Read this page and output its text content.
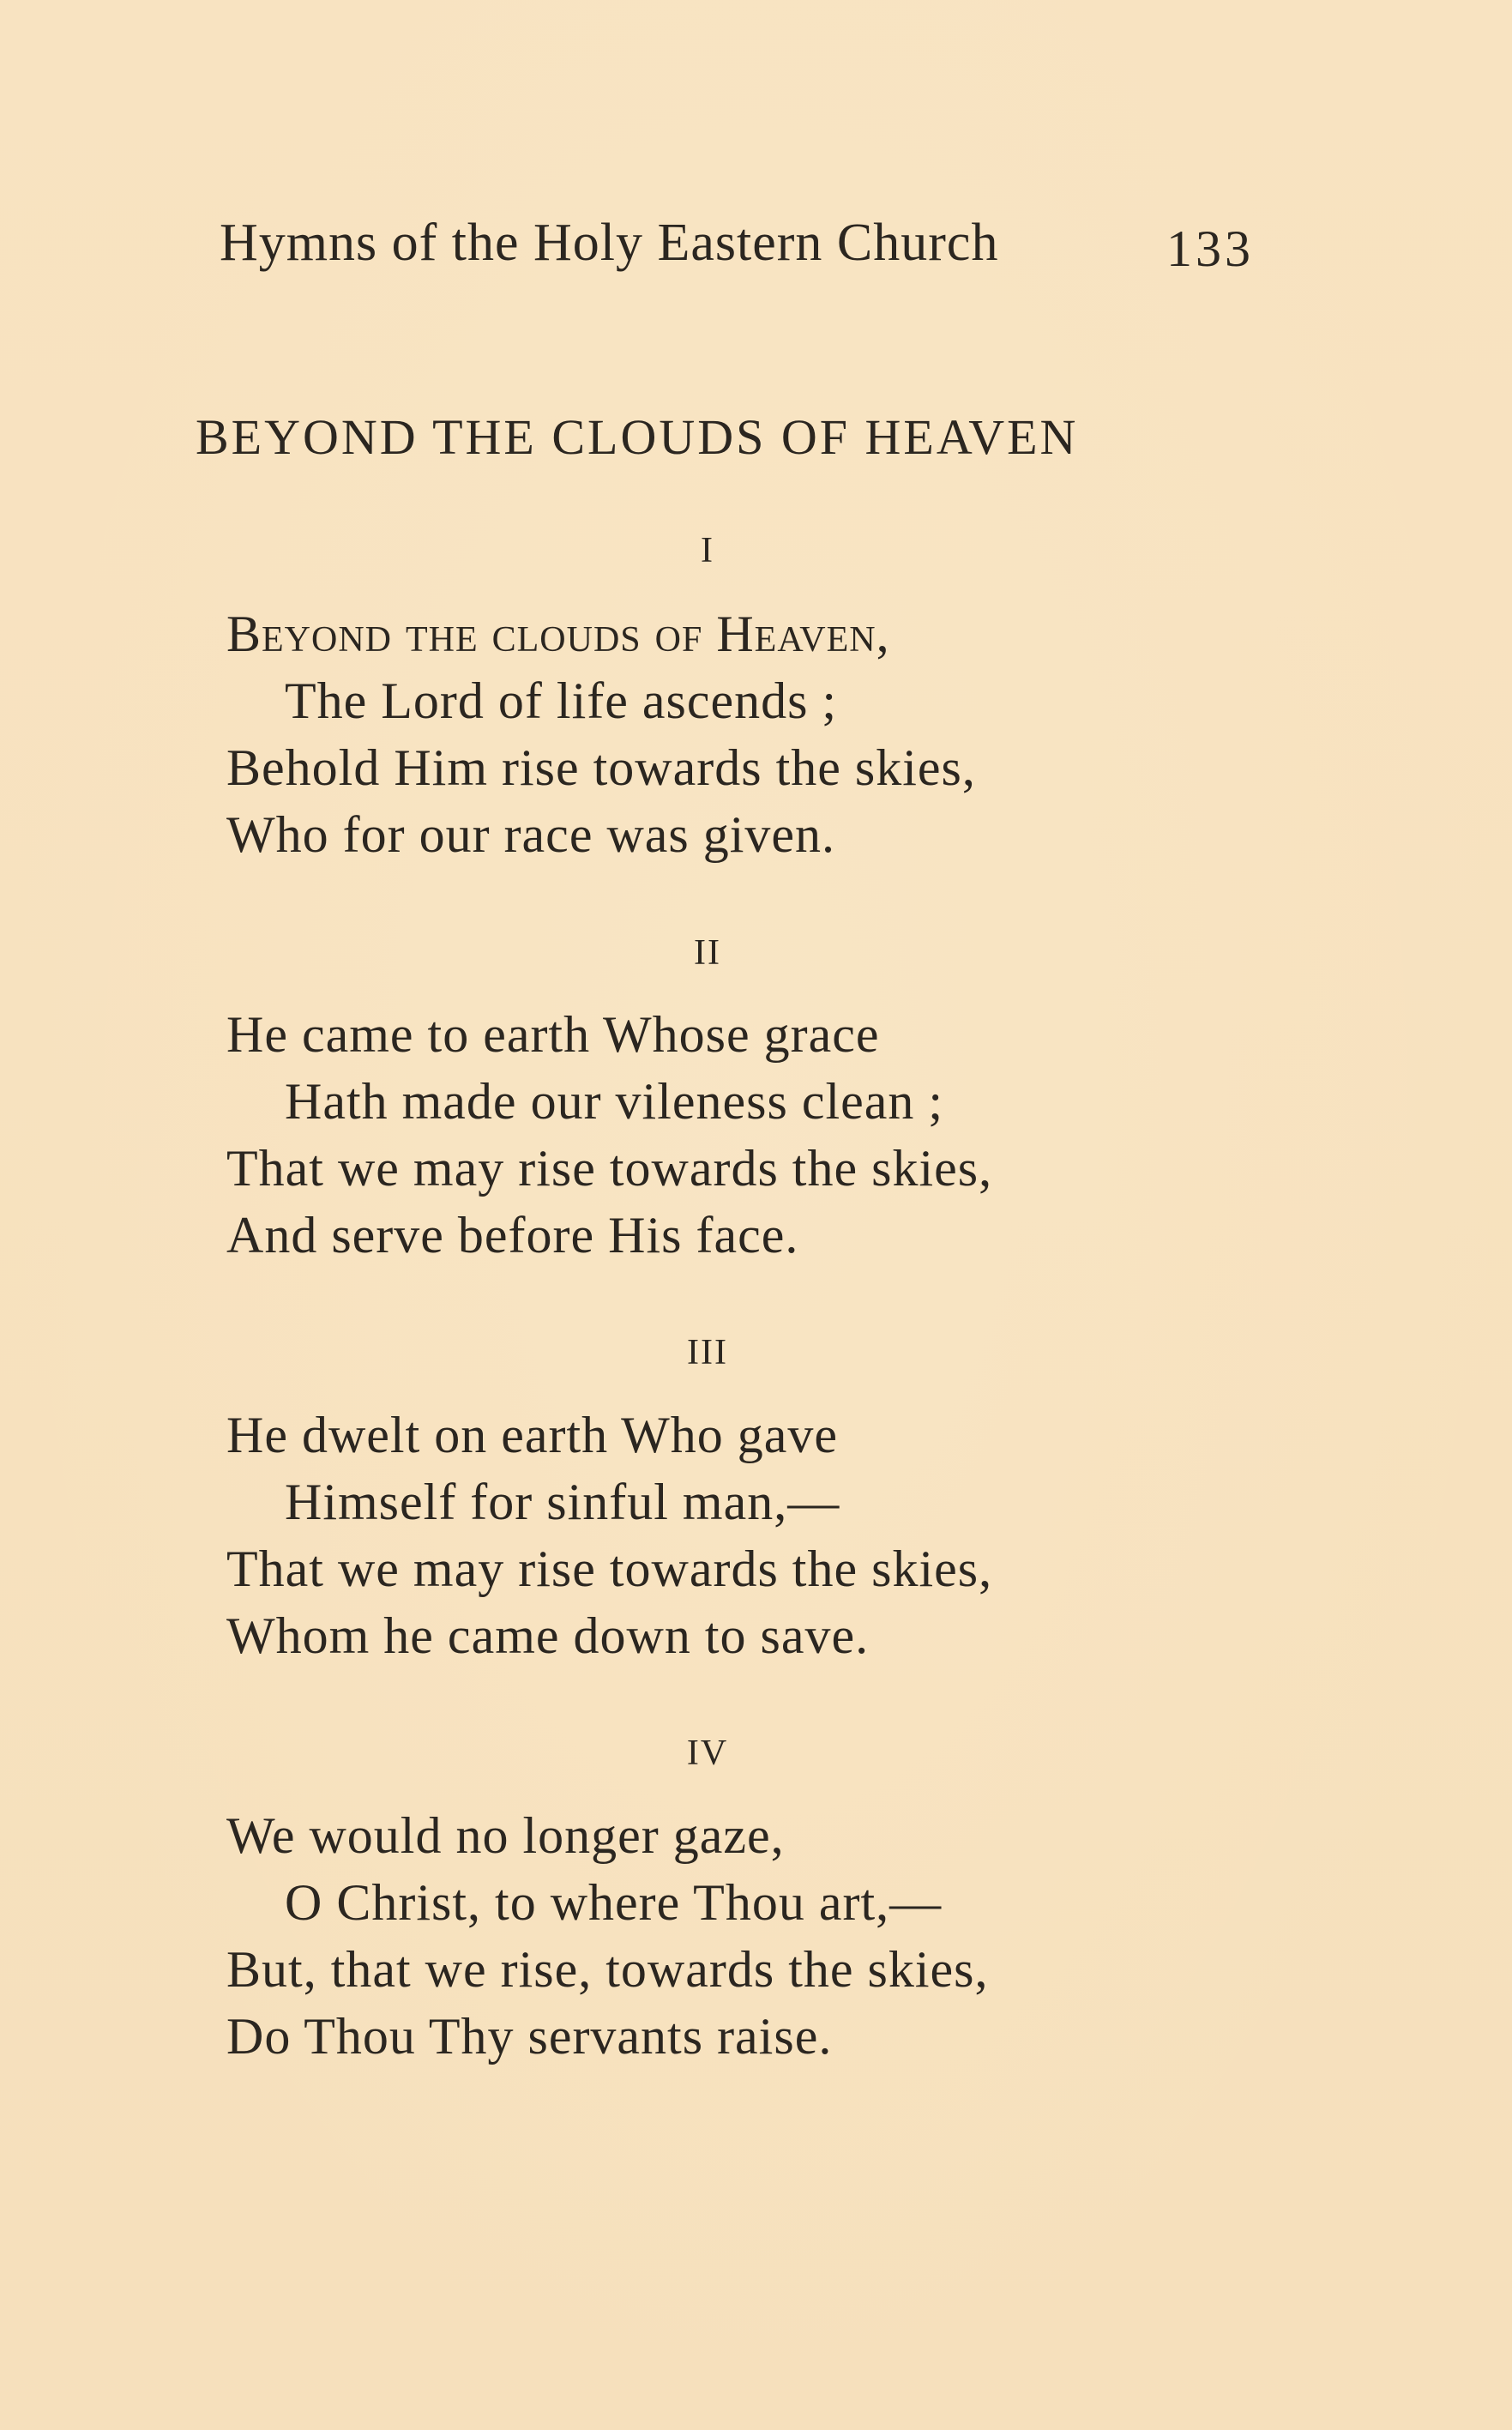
Hymns of the Holy Eastern Church	133
BEYOND THE CLOUDS OF HEAVEN
I
Beyond the clouds of Heaven,
The Lord of life ascends ;
Behold Him rise towards the skies,
Who for our race was given.
II
He came to earth Whose grace
Hath made our vileness clean ;
That we may rise towards the skies,
And serve before His face.
III
He dwelt on earth Who gave
Himself for sinful man,—
That we may rise towards the skies,
Whom he came down to save.
IV
We would no longer gaze,
O Christ, to where Thou art,—
But, that we rise, towards the skies,
Do Thou Thy servants raise.
